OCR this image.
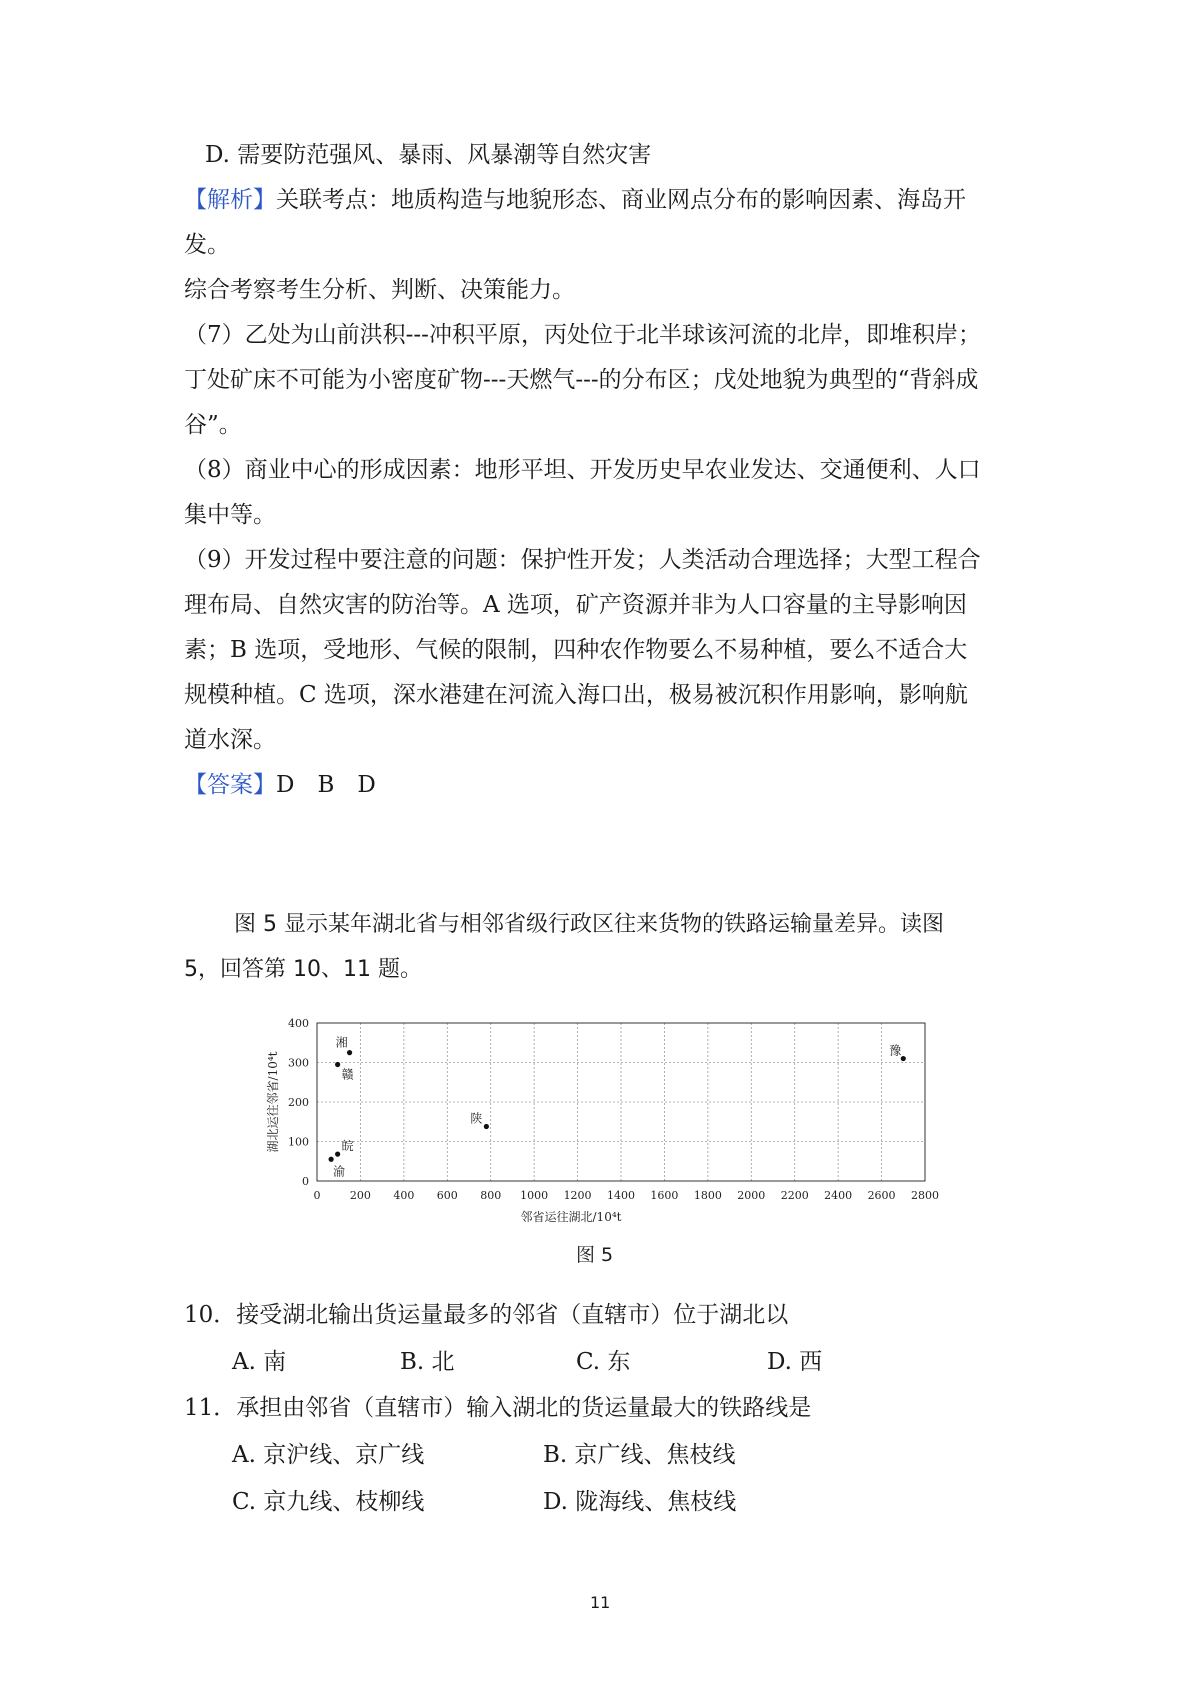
D. 需要防范强风、暴雨、风暴潮等自然灾害
【解析】关联考点：地质构造与地貌形态、商业网点分布的影响因素、海岛开
发。
综合考察考生分析、判断、决策能力。
（7）乙处为山前洪积---冲积平原，丙处位于北半球该河流的北岸，即堆积岸；
丁处矿床不可能为小密度矿物---天燃气---的分布区；戊处地貌为典型的“背斜成
谷”。
（8）商业中心的形成因素：地形平坦、开发历史早农业发达、交通便利、人口
集中等。
（9）开发过程中要注意的问题：保护性开发；人类活动合理选择；大型工程合
理布局、自然灾害的防治等。A 选项，矿产资源并非为人口容量的主导影响因
素；B 选项，受地形、气候的限制，四种农作物要么不易种植，要么不适合大
规模种植。C 选项，深水港建在河流入海口出，极易被沉积作用影响，影响航
道水深。
【答案】D　B　D
图 5 显示某年湖北省与相邻省级行政区往来货物的铁路运输量差异。读图
5，回答第 10、11 题。
0	200 400 600 800 1000 1200 1400 1600 1800 2000 2200 2400 2600 2800
0
100
200
300
400
邻省运往湖北/10⁴t
湖北运往邻省/10⁴t
湘
赣
陕
皖
渝
豫
图 5
10．接受湖北输出货运量最多的邻省（直辖市）位于湖北以
A. 南	B. 北	C. 东	D. 西
11．承担由邻省（直辖市）输入湖北的货运量最大的铁路线是
A. 京沪线、京广线	B. 京广线、焦枝线
C. 京九线、枝柳线	D. 陇海线、焦枝线
11
